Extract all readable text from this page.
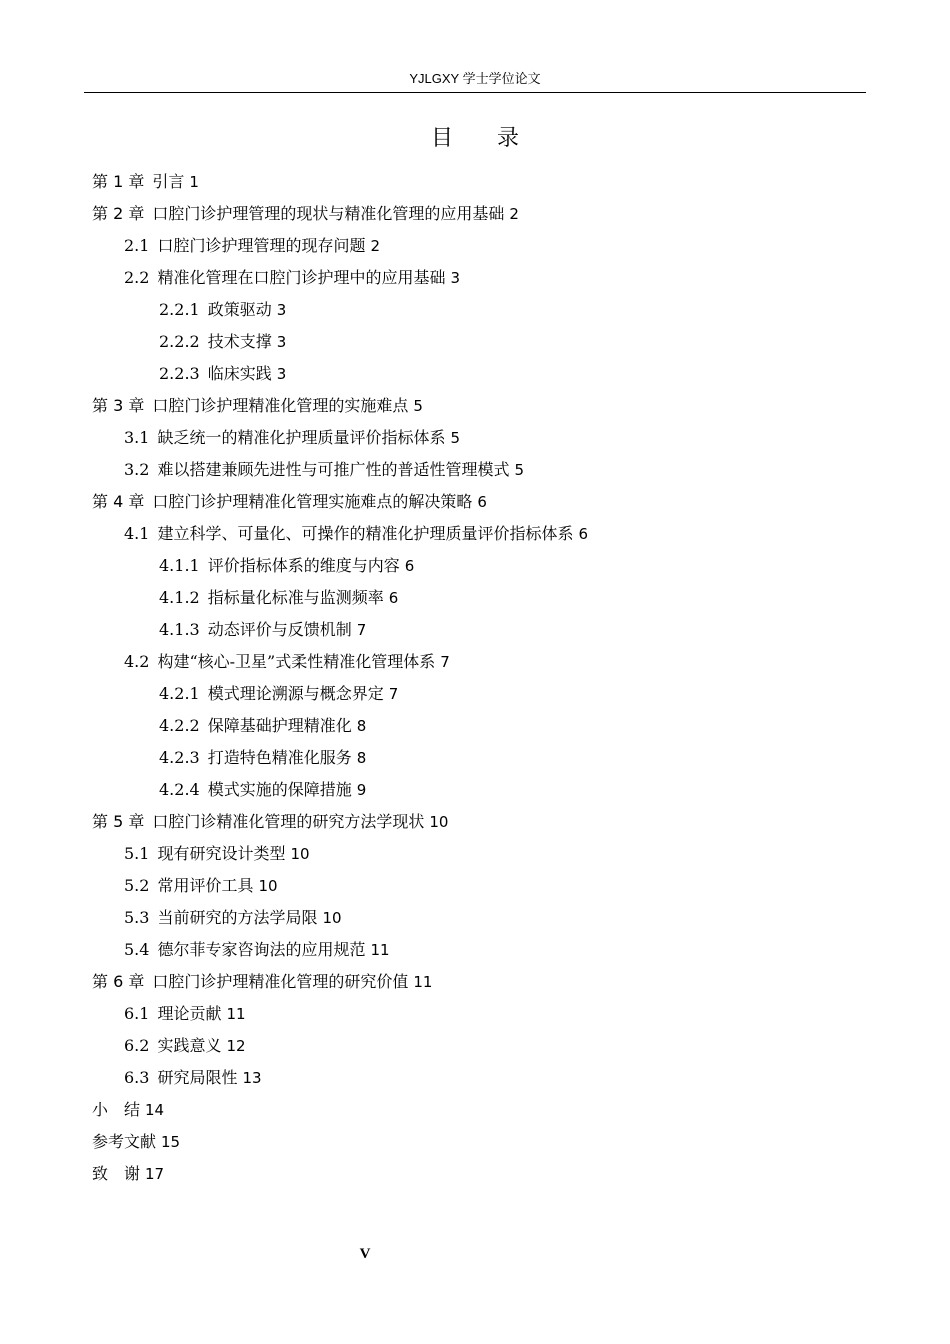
YJLGXY 学士学位论文
目 录
第 1 章 引言 1
第 2 章 口腔门诊护理管理的现状与精准化管理的应用基础 2
2.1 口腔门诊护理管理的现存问题 2
2.2 精准化管理在口腔门诊护理中的应用基础 3
2.2.1 政策驱动 3
2.2.2 技术支撑 3
2.2.3 临床实践 3
第 3 章 口腔门诊护理精准化管理的实施难点 5
3.1 缺乏统一的精准化护理质量评价指标体系 5
3.2 难以搭建兼顾先进性与可推广性的普适性管理模式 5
第 4 章 口腔门诊护理精准化管理实施难点的解决策略 6
4.1 建立科学、可量化、可操作的精准化护理质量评价指标体系 6
4.1.1 评价指标体系的维度与内容 6
4.1.2 指标量化标准与监测频率 6
4.1.3 动态评价与反馈机制 7
4.2 构建“核心-卫星”式柔性精准化管理体系 7
4.2.1 模式理论溯源与概念界定 7
4.2.2 保障基础护理精准化 8
4.2.3 打造特色精准化服务 8
4.2.4 模式实施的保障措施 9
第 5 章 口腔门诊精准化管理的研究方法学现状 10
5.1 现有研究设计类型 10
5.2 常用评价工具 10
5.3 当前研究的方法学局限 10
5.4 德尔菲专家咨询法的应用规范 11
第 6 章 口腔门诊护理精准化管理的研究价值 11
6.1 理论贡献 11
6.2 实践意义 12
6.3 研究局限性 13
小　结 14
参考文献 15
致　谢 17
V
